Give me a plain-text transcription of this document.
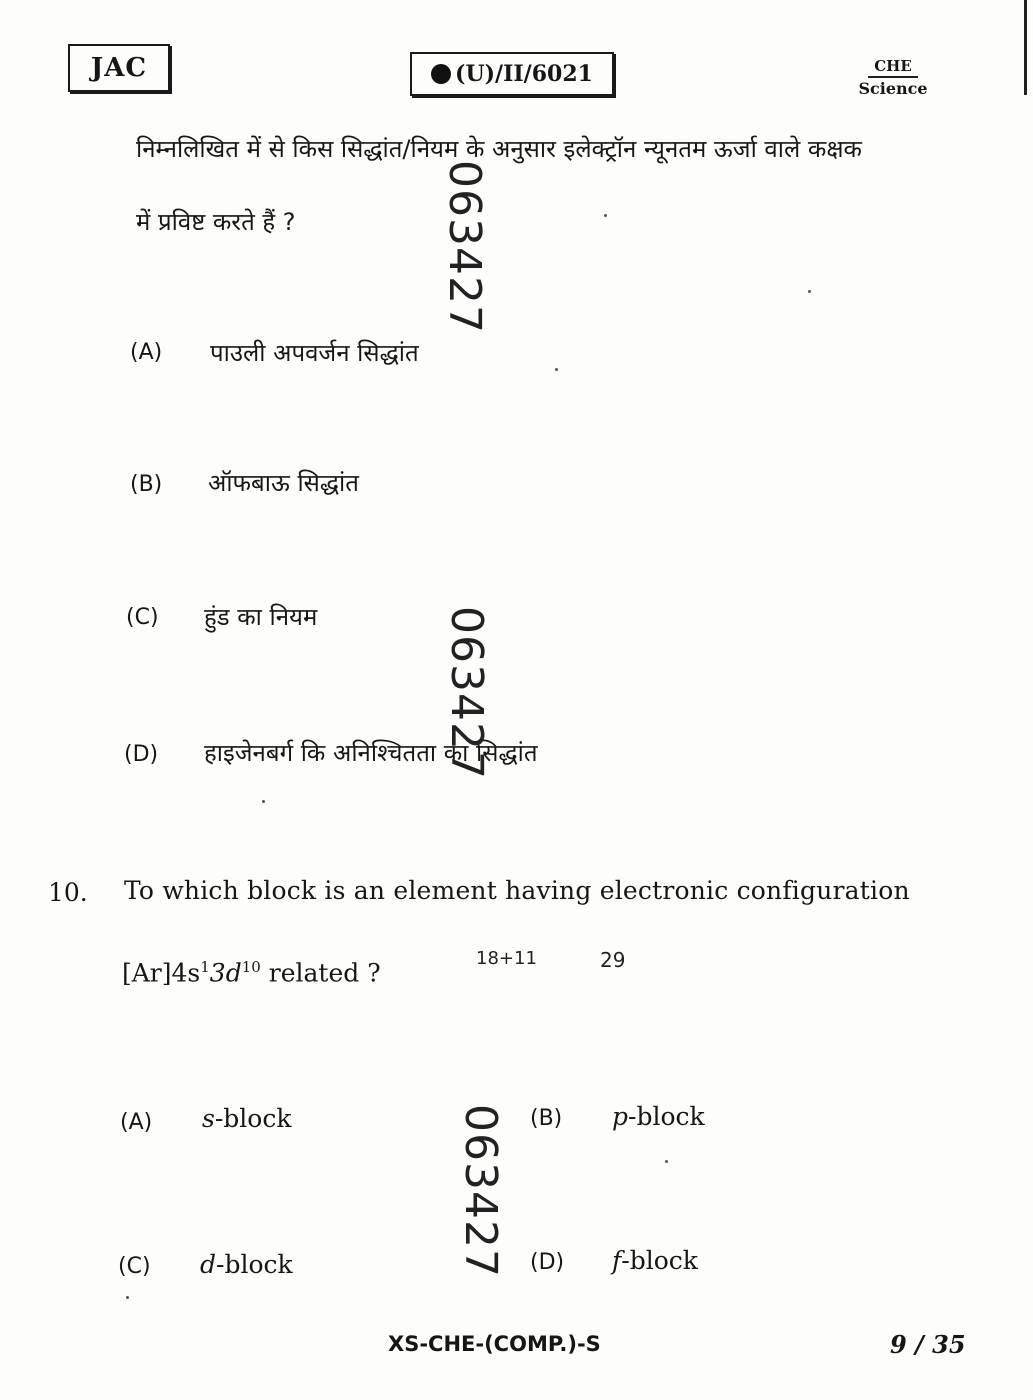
JAC	(U)/II/6021	CHE
Science
निम्नलिखित में से किस सिद्धांत/नियम के अनुसार इलेक्ट्रॉन न्यूनतम ऊर्जा वाले कक्षक
में प्रविष्ट करते हैं ?
(A) पाउली अपवर्जन सिद्धांत
(B) ऑफबाऊ सिद्धांत
(C) हुंड का नियम
(D) हाइजेनबर्ग कि अनिश्चितता का सिद्धांत
10. To which block is an element having electronic configuration
$[Ar]4s^13d^{10}$ related ?	18+11	29
(A) s-block	(B) p-block
(C) d-block	(D) f-block
063427
063427
063427
XS-CHE-(COMP.)-S	9 / 35
